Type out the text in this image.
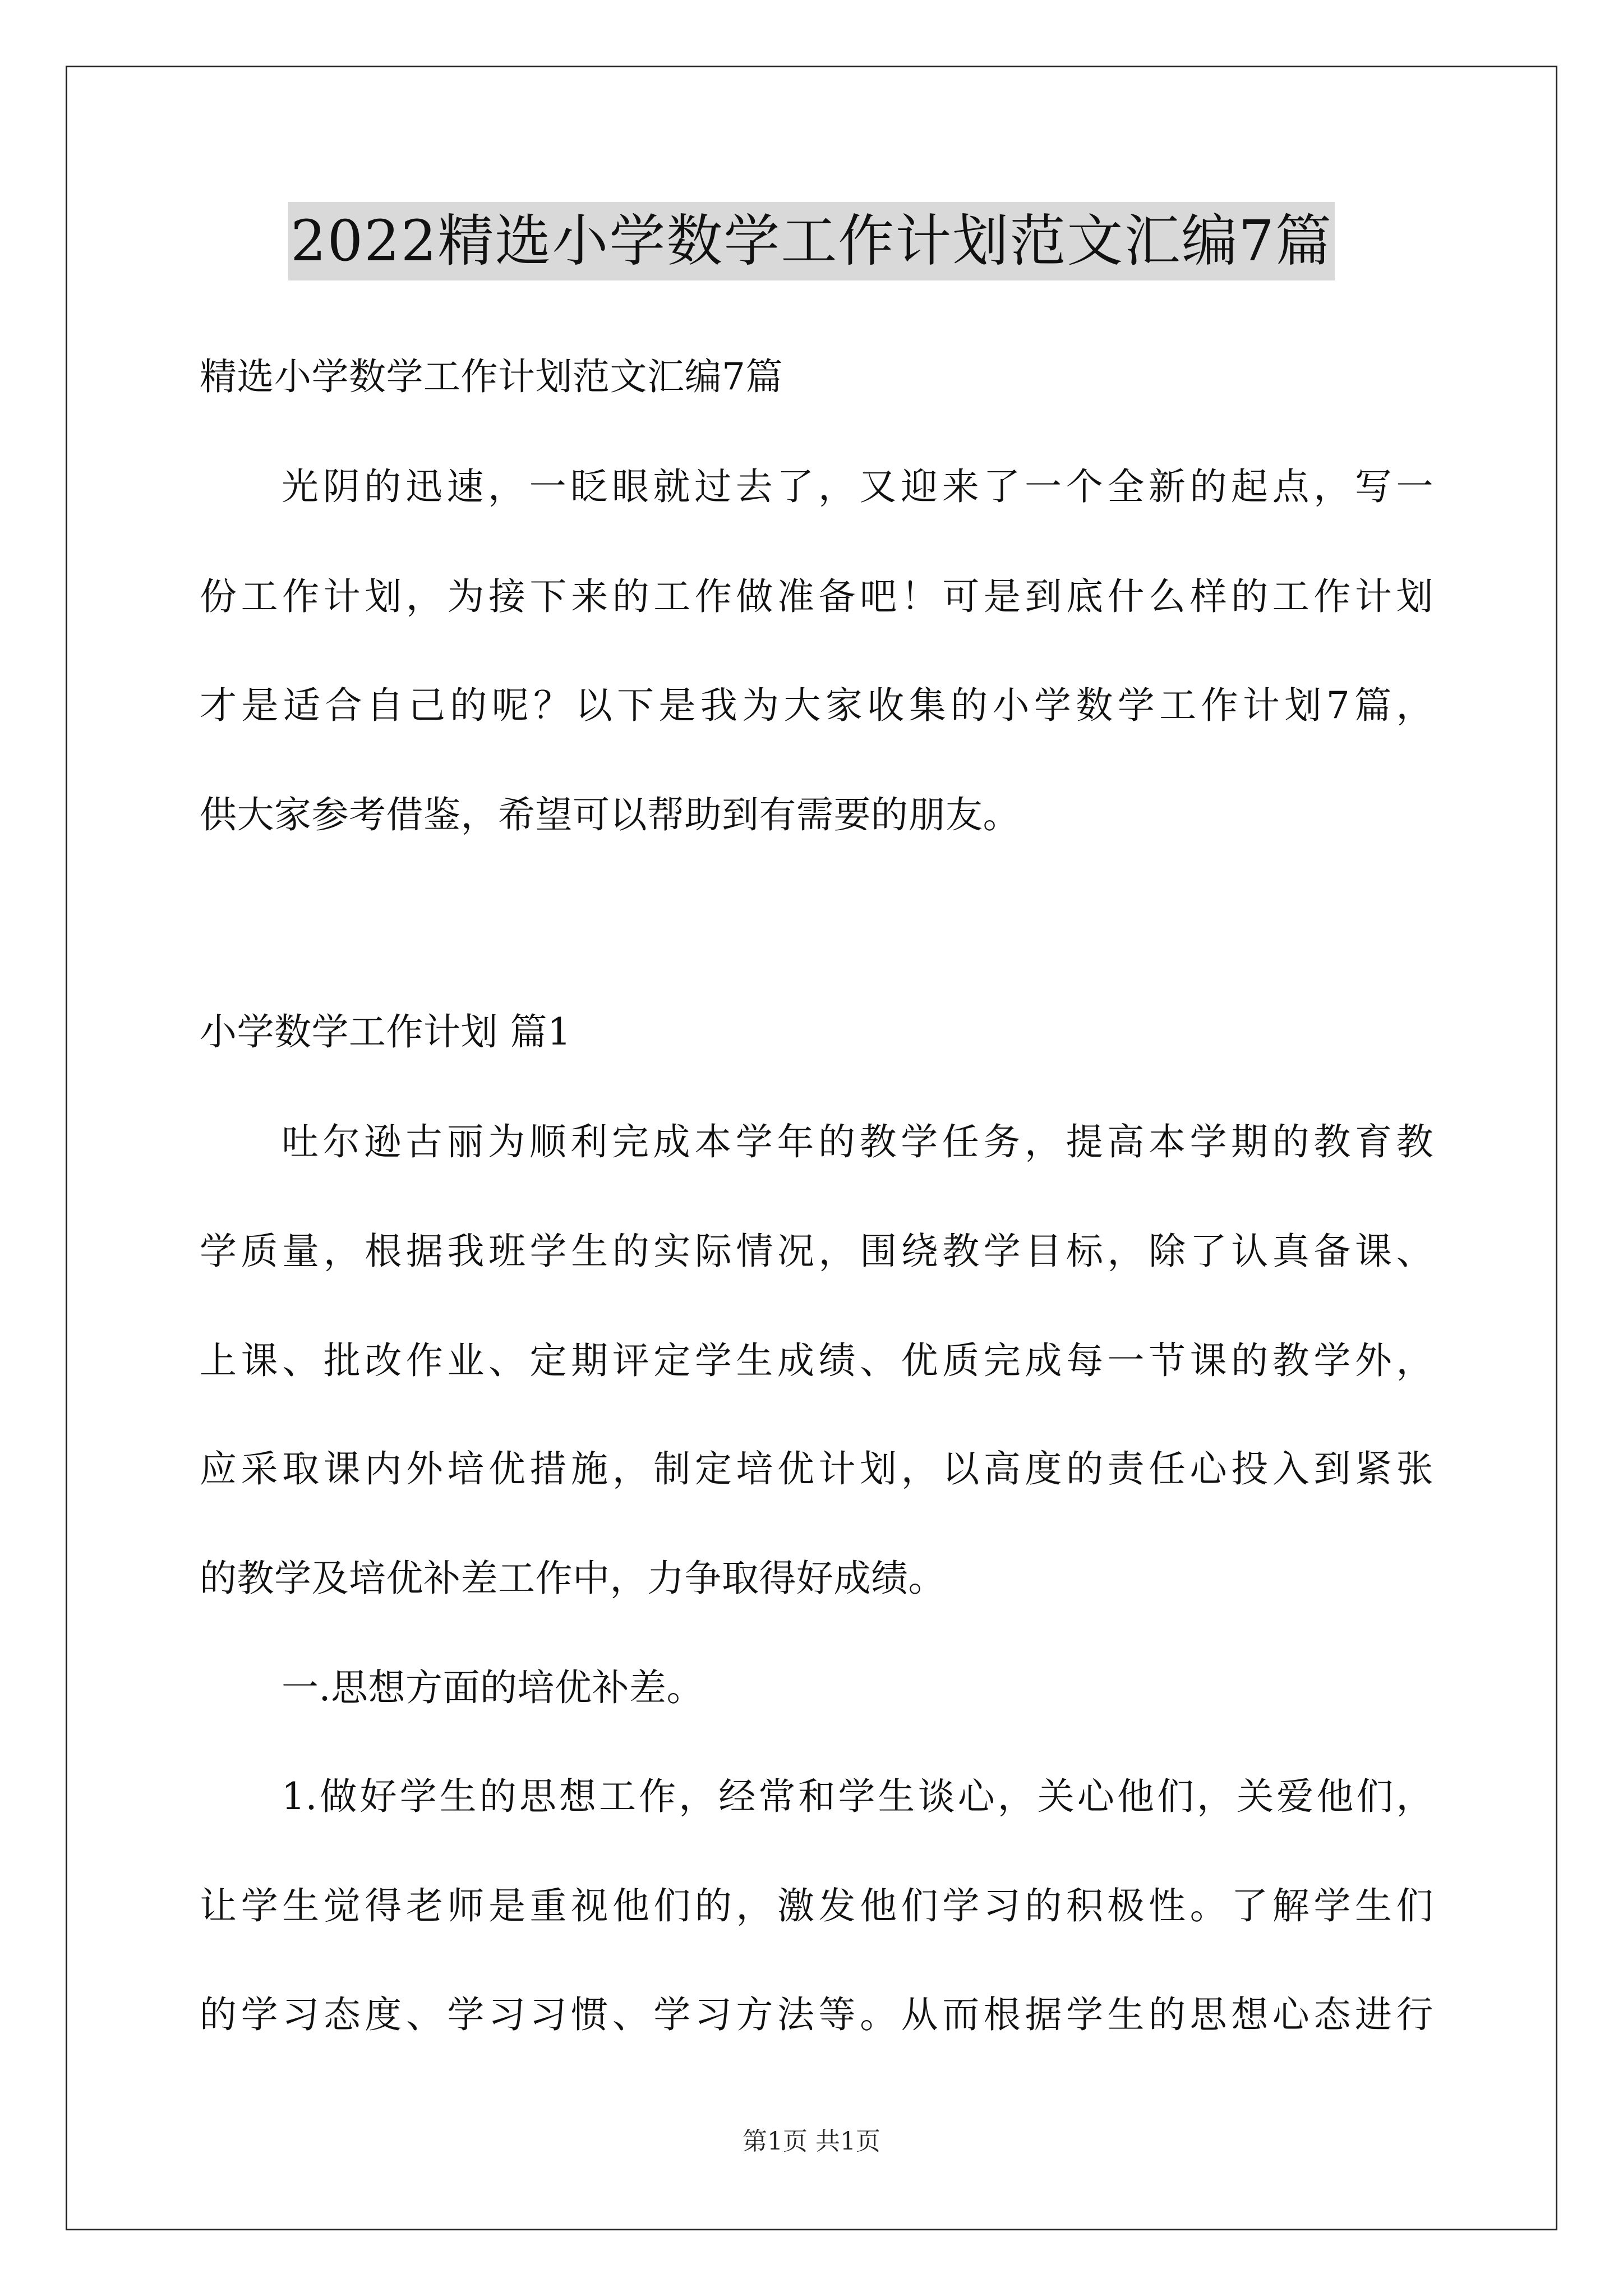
2022精选小学数学工作计划范文汇编7篇
精选小学数学工作计划范文汇编7篇
光阴的迅速，一眨眼就过去了，又迎来了一个全新的起点，写一
份工作计划，为接下来的工作做准备吧！可是到底什么样的工作计划
才是适合自己的呢？以下是我为大家收集的小学数学工作计划7篇，
供大家参考借鉴，希望可以帮助到有需要的朋友。
小学数学工作计划 篇1
吐尔逊古丽为顺利完成本学年的教学任务，提高本学期的教育教
学质量，根据我班学生的实际情况，围绕教学目标，除了认真备课、
上课、批改作业、定期评定学生成绩、优质完成每一节课的教学外，
应采取课内外培优措施，制定培优计划，以高度的责任心投入到紧张
的教学及培优补差工作中，力争取得好成绩。
一.思想方面的培优补差。
1.做好学生的思想工作，经常和学生谈心，关心他们，关爱他们，
让学生觉得老师是重视他们的，激发他们学习的积极性。了解学生们
的学习态度、学习习惯、学习方法等。从而根据学生的思想心态进行
第1页 共1页
